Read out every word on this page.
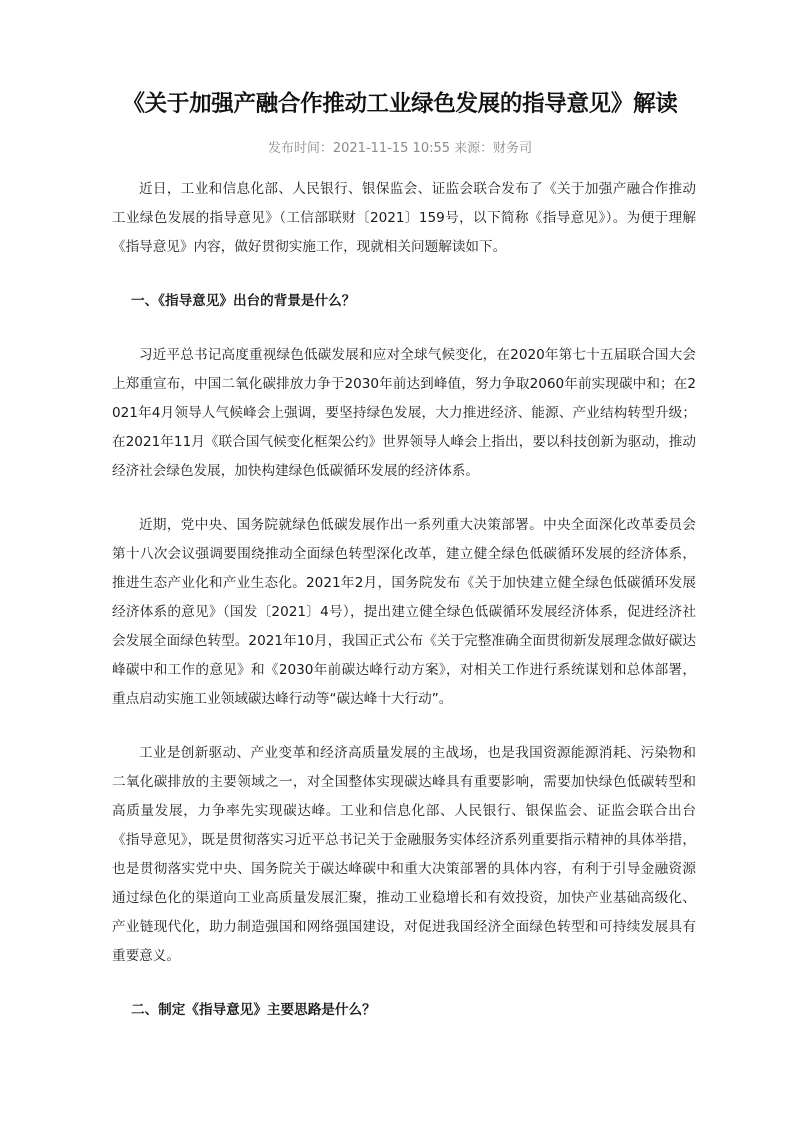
《关于加强产融合作推动工业绿色发展的指导意见》解读
发布时间：2021-11-15 10:55 来源：财务司

近日，工业和信息化部、人民银行、银保监会、证监会联合发布了《关于加强产融合作推动工业绿色发展的指导意见》（工信部联财〔2021〕159号，以下简称《指导意见》）。为便于理解《指导意见》内容，做好贯彻实施工作，现就相关问题解读如下。

一、《指导意见》出台的背景是什么？

习近平总书记高度重视绿色低碳发展和应对全球气候变化，在2020年第七十五届联合国大会上郑重宣布，中国二氧化碳排放力争于2030年前达到峰值，努力争取2060年前实现碳中和；在2021年4月领导人气候峰会上强调，要坚持绿色发展，大力推进经济、能源、产业结构转型升级；在2021年11月《联合国气候变化框架公约》世界领导人峰会上指出，要以科技创新为驱动，推动经济社会绿色发展，加快构建绿色低碳循环发展的经济体系。

近期，党中央、国务院就绿色低碳发展作出一系列重大决策部署。中央全面深化改革委员会第十八次会议强调要围绕推动全面绿色转型深化改革，建立健全绿色低碳循环发展的经济体系，推进生态产业化和产业生态化。2021年2月，国务院发布《关于加快建立健全绿色低碳循环发展经济体系的意见》（国发〔2021〕4号），提出建立健全绿色低碳循环发展经济体系，促进经济社会发展全面绿色转型。2021年10月，我国正式公布《关于完整准确全面贯彻新发展理念做好碳达峰碳中和工作的意见》和《2030年前碳达峰行动方案》，对相关工作进行系统谋划和总体部署，重点启动实施工业领域碳达峰行动等“碳达峰十大行动”。

工业是创新驱动、产业变革和经济高质量发展的主战场，也是我国资源能源消耗、污染物和二氧化碳排放的主要领域之一，对全国整体实现碳达峰具有重要影响，需要加快绿色低碳转型和高质量发展，力争率先实现碳达峰。工业和信息化部、人民银行、银保监会、证监会联合出台《指导意见》，既是贯彻落实习近平总书记关于金融服务实体经济系列重要指示精神的具体举措，也是贯彻落实党中央、国务院关于碳达峰碳中和重大决策部署的具体内容，有利于引导金融资源通过绿色化的渠道向工业高质量发展汇聚，推动工业稳增长和有效投资，加快产业基础高级化、产业链现代化，助力制造强国和网络强国建设，对促进我国经济全面绿色转型和可持续发展具有重要意义。

二、制定《指导意见》主要思路是什么？
